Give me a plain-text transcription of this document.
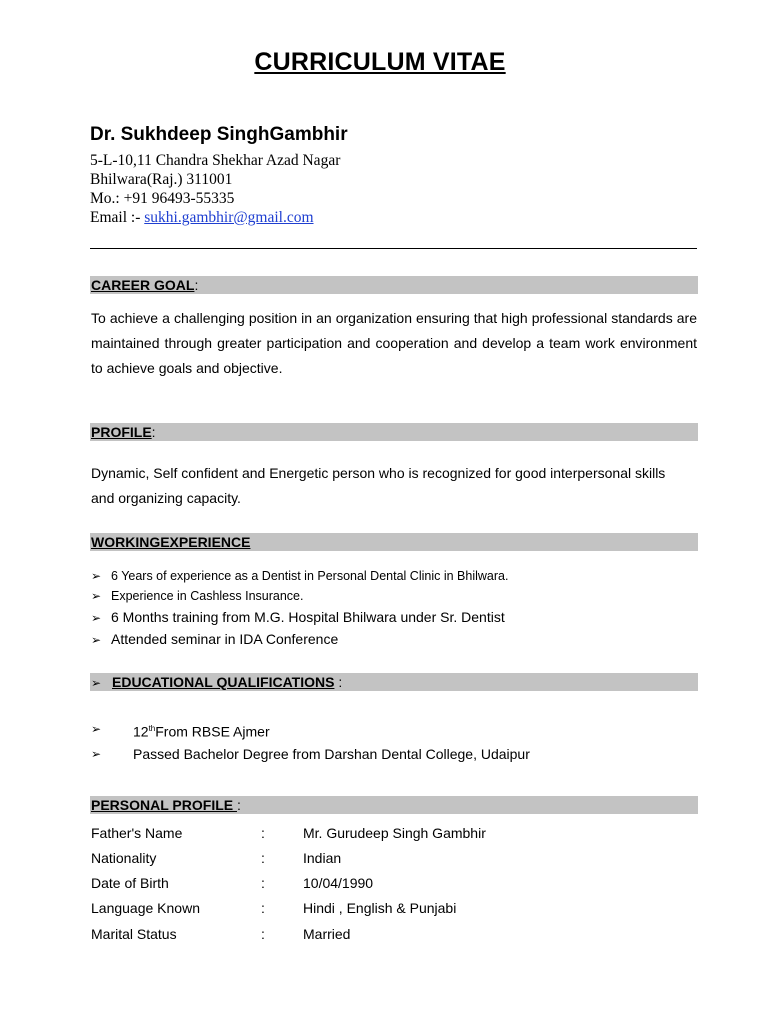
CURRICULUM VITAE
Dr. Sukhdeep SinghGambhir
5-L-10,11 Chandra Shekhar Azad Nagar
Bhilwara(Raj.) 311001
Mo.: +91 96493-55335
Email :- sukhi.gambhir@gmail.com
CAREER GOAL:
To achieve a challenging position in an organization ensuring that high professional standards are maintained through greater participation and cooperation and develop a team work environment to achieve goals and objective.
PROFILE:
Dynamic, Self confident and Energetic person who is recognized for good interpersonal skills and organizing capacity.
WORKINGEXPERIENCE
➢ 6 Years of experience as a Dentist in Personal Dental Clinic in Bhilwara.
➢ Experience in Cashless Insurance.
➢ 6 Months training from M.G. Hospital Bhilwara under Sr. Dentist
➢ Attended seminar in IDA Conference
➢ EDUCATIONAL QUALIFICATIONS :
➢ 12thFrom RBSE Ajmer
➢ Passed Bachelor Degree from Darshan Dental College, Udaipur
PERSONAL PROFILE :
Father's Name	:	Mr. Gurudeep Singh Gambhir
Nationality	:	Indian
Date of Birth	:	10/04/1990
Language Known	:	Hindi , English & Punjabi
Marital Status	:	Married
